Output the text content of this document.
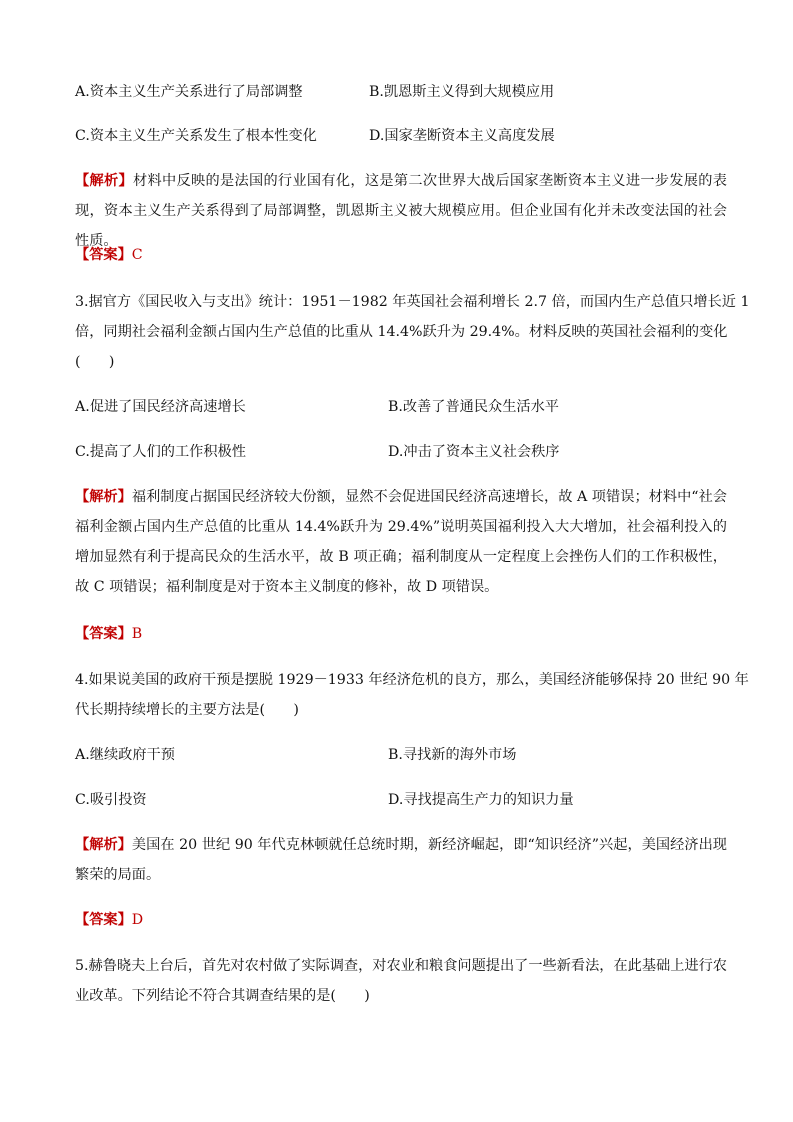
A.资本主义生产关系进行了局部调整	B.凯恩斯主义得到大规模应用
C.资本主义生产关系发生了根本性变化	D.国家垄断资本主义高度发展
【解析】材料中反映的是法国的行业国有化，这是第二次世界大战后国家垄断资本主义进一步发展的表现，资本主义生产关系得到了局部调整，凯恩斯主义被大规模应用。但企业国有化并未改变法国的社会性质。
【答案】C
3.据官方《国民收入与支出》统计：1951－1982 年英国社会福利增长 2.7 倍，而国内生产总值只增长近 1
倍，同期社会福利金额占国内生产总值的比重从 14.4%跃升为 29.4%。材料反映的英国社会福利的变化
(　　)
A.促进了国民经济高速增长	B.改善了普通民众生活水平
C.提高了人们的工作积极性	D.冲击了资本主义社会秩序
【解析】福利制度占据国民经济较大份额，显然不会促进国民经济高速增长，故 A 项错误；材料中“社会福利金额占国内生产总值的比重从 14.4%跃升为 29.4%”说明英国福利投入大大增加，社会福利投入的增加显然有利于提高民众的生活水平，故 B 项正确；福利制度从一定程度上会挫伤人们的工作积极性，故 C 项错误；福利制度是对于资本主义制度的修补，故 D 项错误。
【答案】B
4.如果说美国的政府干预是摆脱 1929－1933 年经济危机的良方，那么，美国经济能够保持 20 世纪 90 年
代长期持续增长的主要方法是(　　)
A.继续政府干预	B.寻找新的海外市场
C.吸引投资	D.寻找提高生产力的知识力量
【解析】美国在 20 世纪 90 年代克林顿就任总统时期，新经济崛起，即“知识经济”兴起，美国经济出现繁荣的局面。
【答案】D
5.赫鲁晓夫上台后，首先对农村做了实际调查，对农业和粮食问题提出了一些新看法，在此基础上进行农
业改革。下列结论不符合其调查结果的是(　　)
